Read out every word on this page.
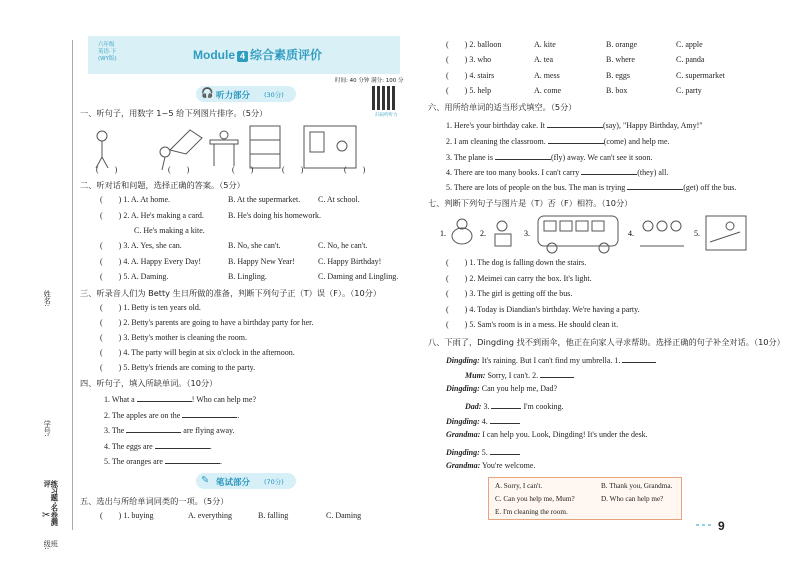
姓名:
学号:
练习题·名卷测评
班级:
✂
六年级
英语·下
(WY版)	Module 4 综合素质评价
时间: 40 分钟 满分: 100 分
扫码听听力
🎧 听力部分 (30分)
一、听句子，用数字 1~5 给下列图片排序。（5分）
(　　)	(　　)	(　　)	(　　)	(　　)
二、听对话和问题，选择正确的答案。（5分）
(　　) 1. A. At home.	B. At the supermarket. C. At school.
(　　) 2. A. He's making a card.	B. He's doing his homework.
C. He's making a kite.
(　　) 3. A. Yes, she can.	B. No, she can't.	C. No, he can't.
(　　) 4. A. Happy Every Day!	B. Happy New Year!	C. Happy Birthday!
(　　) 5. A. Daming.	B. Lingling.	C. Daming and Lingling.
三、听录音人们为 Betty 生日所做的准备，判断下列句子正（T）误（F）。（10分）
(　　) 1. Betty is ten years old.
(　　) 2. Betty's parents are going to have a birthday party for her.
(　　) 3. Betty's mother is cleaning the room.
(　　) 4. The party will begin at six o'clock in the afternoon.
(　　) 5. Betty's friends are coming to the party.
四、听句子，填入所缺单词。（10分）
1. What a	! Who can help me?
2. The apples are on the	.
3. The	are flying away.
4. The eggs are	.
5. The oranges are	.
✎ 笔试部分 (70分)
五、选出与所给单词同类的一项。（5分）
(　　) 1. buying	A. everything	B. falling	C. Daming
(　　) 2. balloon	A. kite	B. orange	C. apple
(　　) 3. who	A. tea	B. where	C. panda
(　　) 4. stairs	A. mess	B. eggs	C. supermarket
(　　) 5. help	A. come	B. box	C. party
六、用所给单词的适当形式填空。（5分）
1. Here's your birthday cake. It	(say), "Happy Birthday, Amy!"
2. I am cleaning the classroom.	(come) and help me.
3. The plane is	(fly) away. We can't see it soon.
4. There are too many books. I can't carry	(they) all.
5. There are lots of people on the bus. The man is trying	(get) off the bus.
七、判断下列句子与图片是（T）否（F）相符。（10分）
1.	2.	3.	4.	5.
(　　) 1. The dog is falling down the stairs.
(　　) 2. Meimei can carry the box. It's light.
(　　) 3. The girl is getting off the bus.
(　　) 4. Today is Diandian's birthday. We're having a party.
(　　) 5. Sam's room is in a mess. He should clean it.
八、下雨了，Dingding 找不到雨伞，他正在向家人寻求帮助。选择正确的句子补全对话。（10分）
Dingding: It's raining. But I can't find my umbrella. 1.
Mum: Sorry, I can't. 2.
Dingding: Can you help me, Dad?
Dad: 3.	I'm cooking.
Dingding: 4.
Grandma: I can help you. Look, Dingding! It's under the desk.
Dingding: 5.
Grandma: You're welcome.
A. Sorry, I can't.	B. Thank you, Grandma.
C. Can you help me, Mum?	D. Who can help me?
E. I'm cleaning the room.
9
